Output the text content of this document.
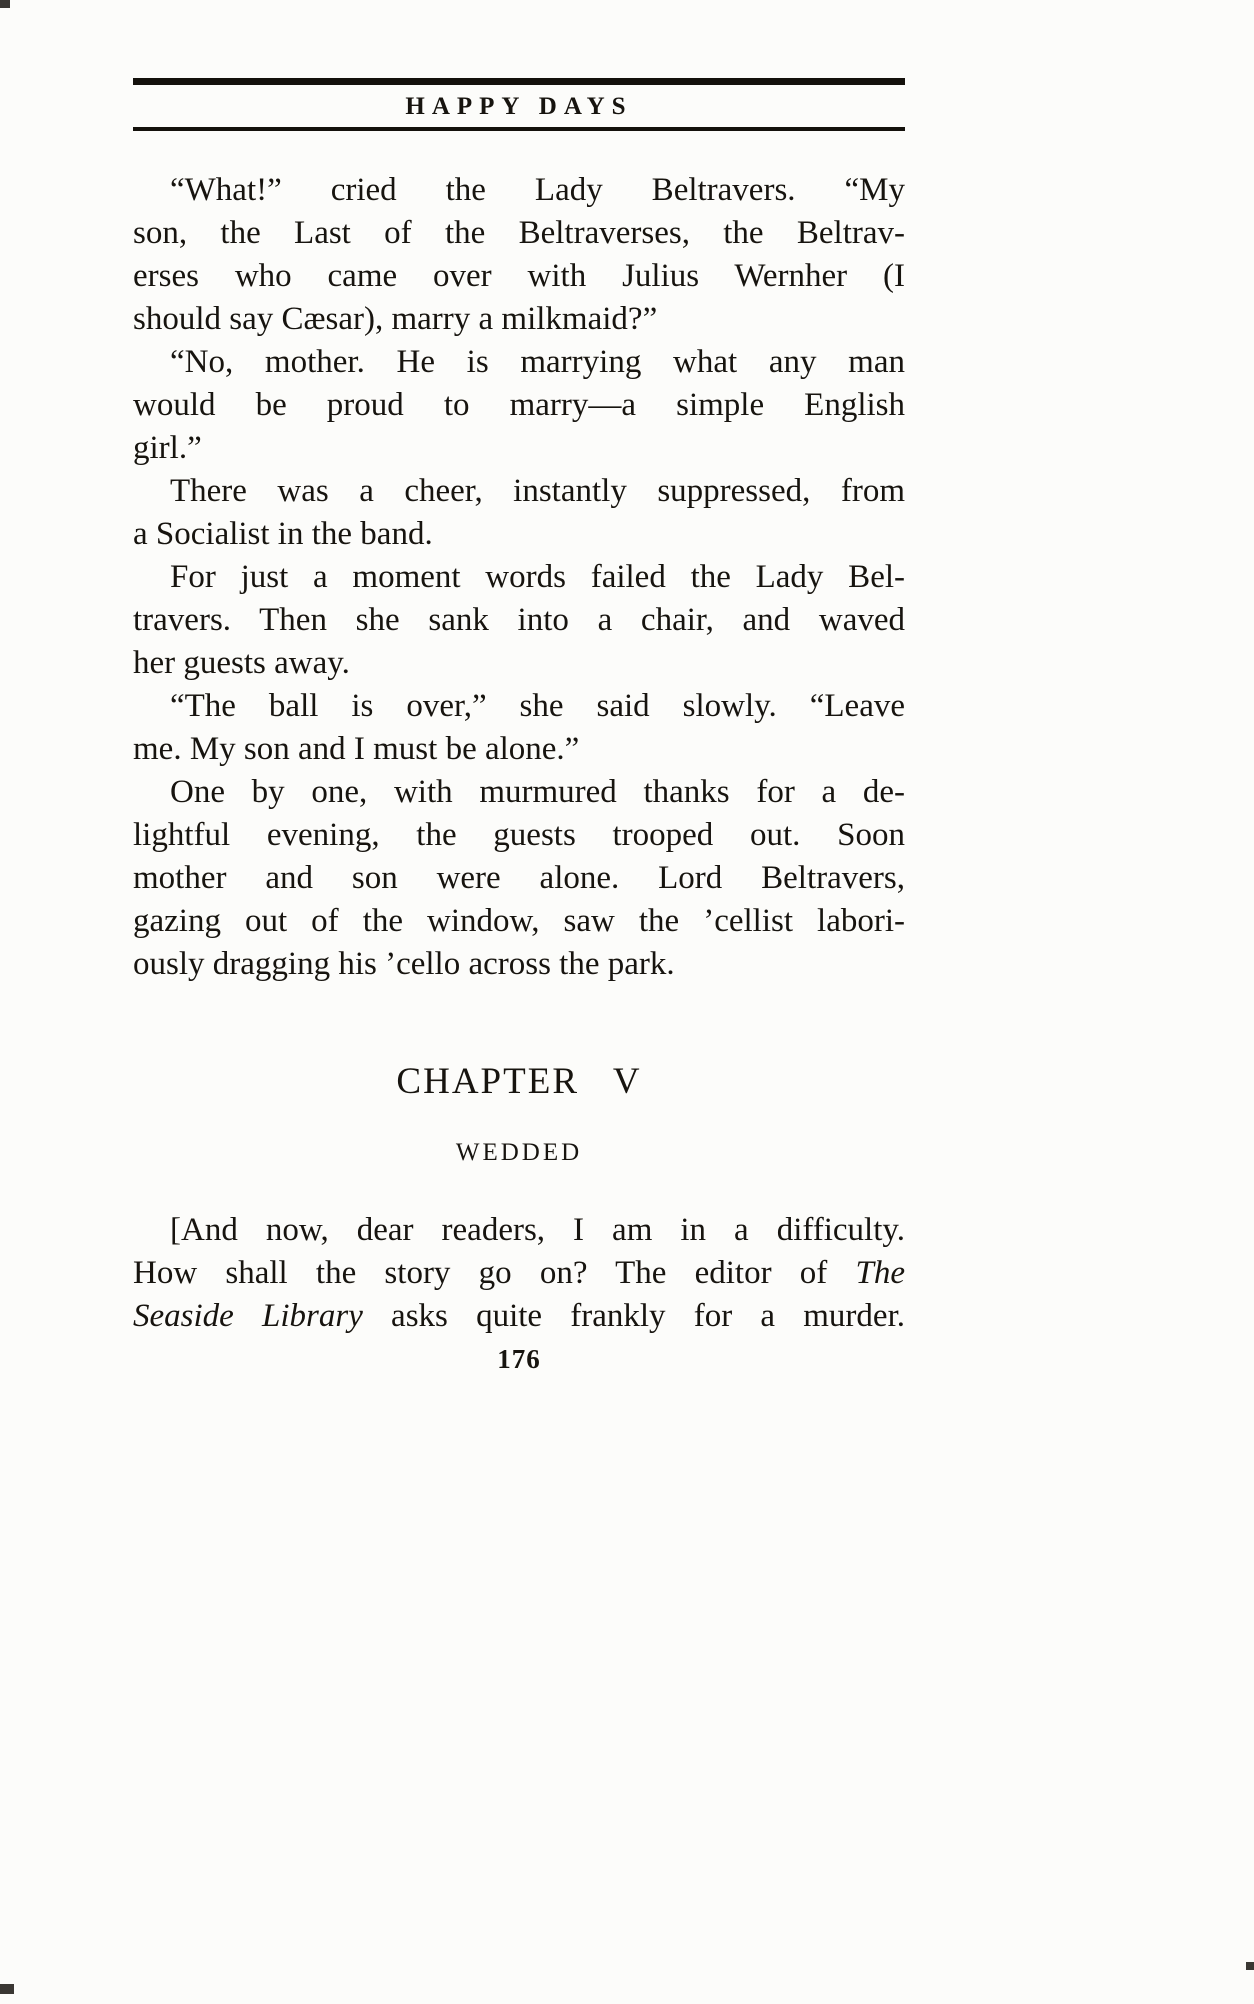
HAPPY DAYS
“What!” cried the Lady Beltravers. “My
son, the Last of the Beltraverses, the Beltrav-
erses who came over with Julius Wernher (I
should say Cæsar), marry a milkmaid?”
“No, mother. He is marrying what any man
would be proud to marry—a simple English
girl.”
There was a cheer, instantly suppressed, from
a Socialist in the band.
For just a moment words failed the Lady Bel-
travers. Then she sank into a chair, and waved
her guests away.
“The ball is over,” she said slowly. “Leave
me. My son and I must be alone.”
One by one, with murmured thanks for a de-
lightful evening, the guests trooped out. Soon
mother and son were alone. Lord Beltravers,
gazing out of the window, saw the ’cellist labori-
ously dragging his ’cello across the park.
CHAPTER  V
WEDDED
[And now, dear readers, I am in a difficulty.
How shall the story go on? The editor of The
Seaside Library asks quite frankly for a murder.
176
